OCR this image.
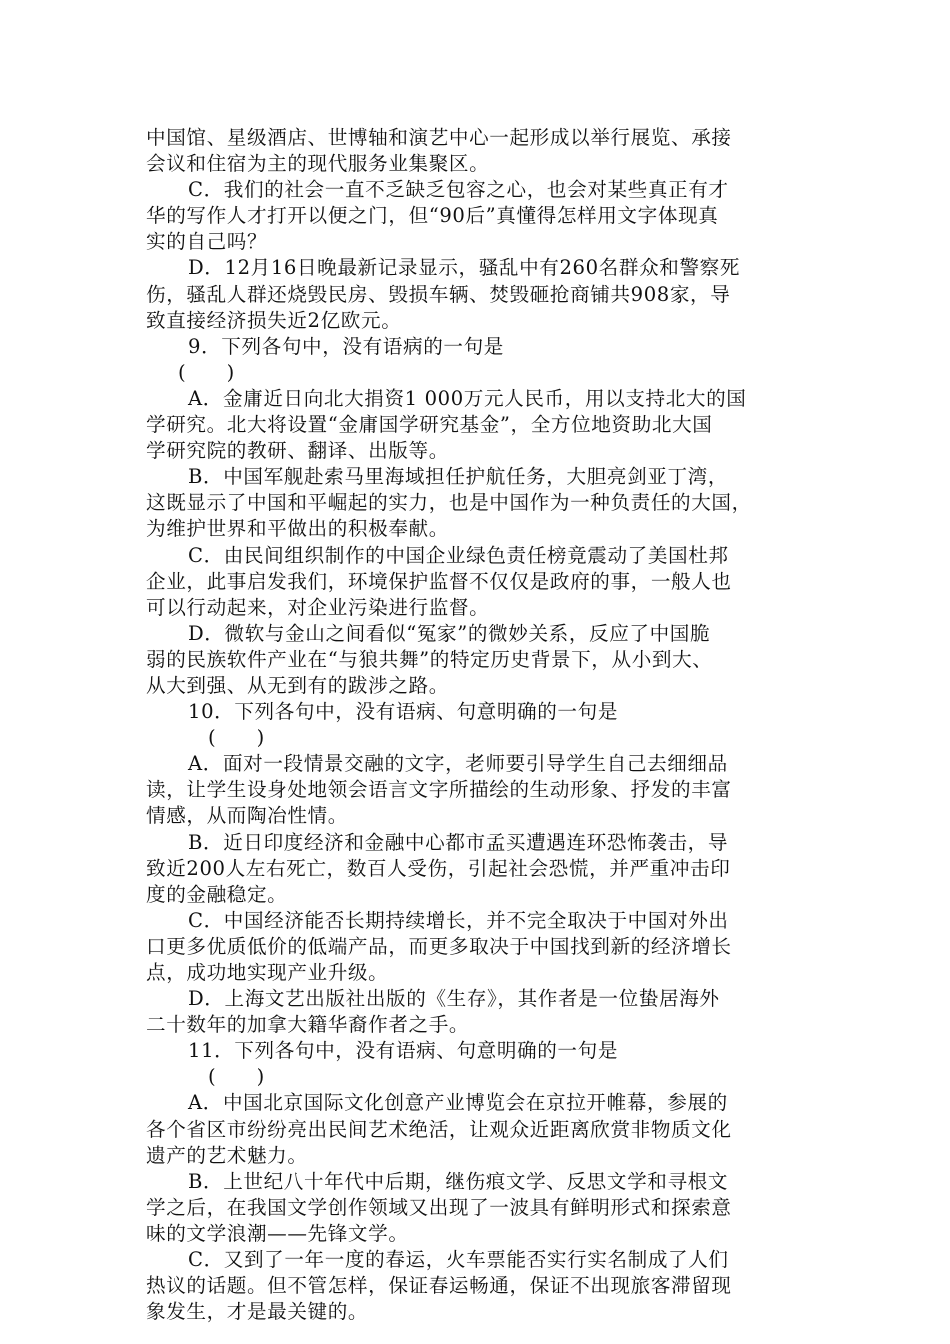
中国馆、星级酒店、世博轴和演艺中心一起形成以举行展览、承接
会议和住宿为主的现代服务业集聚区。
C．我们的社会一直不乏缺乏包容之心，也会对某些真正有才
华的写作人才打开以便之门，但“90后”真懂得怎样用文字体现真
实的自己吗？
D．12月16日晚最新记录显示，骚乱中有260名群众和警察死
伤，骚乱人群还烧毁民房、毁损车辆、焚毁砸抢商铺共908家，导
致直接经济损失近2亿欧元。
9．下列各句中，没有语病的一句是
(　　)
A．金庸近日向北大捐资1 000万元人民币，用以支持北大的国
学研究。北大将设置“金庸国学研究基金”，全方位地资助北大国
学研究院的教研、翻译、出版等。
B．中国军舰赴索马里海域担任护航任务，大胆亮剑亚丁湾，
这既显示了中国和平崛起的实力，也是中国作为一种负责任的大国，
为维护世界和平做出的积极奉献。
C．由民间组织制作的中国企业绿色责任榜竟震动了美国杜邦
企业，此事启发我们，环境保护监督不仅仅是政府的事，一般人也
可以行动起来，对企业污染进行监督。
D．微软与金山之间看似“冤家”的微妙关系，反应了中国脆
弱的民族软件产业在“与狼共舞”的特定历史背景下，从小到大、
从大到强、从无到有的跋涉之路。
10．下列各句中，没有语病、句意明确的一句是
(　　)
A．面对一段情景交融的文字，老师要引导学生自己去细细品
读，让学生设身处地领会语言文字所描绘的生动形象、抒发的丰富
情感，从而陶冶性情。
B．近日印度经济和金融中心都市孟买遭遇连环恐怖袭击，导
致近200人左右死亡，数百人受伤，引起社会恐慌，并严重冲击印
度的金融稳定。
C．中国经济能否长期持续增长，并不完全取决于中国对外出
口更多优质低价的低端产品，而更多取决于中国找到新的经济增长
点，成功地实现产业升级。
D．上海文艺出版社出版的《生存》，其作者是一位蛰居海外
二十数年的加拿大籍华裔作者之手。
11．下列各句中，没有语病、句意明确的一句是
(　　)
A．中国北京国际文化创意产业博览会在京拉开帷幕，参展的
各个省区市纷纷亮出民间艺术绝活，让观众近距离欣赏非物质文化
遗产的艺术魅力。
B．上世纪八十年代中后期，继伤痕文学、反思文学和寻根文
学之后，在我国文学创作领域又出现了一波具有鲜明形式和探索意
味的文学浪潮——先锋文学。
C．又到了一年一度的春运，火车票能否实行实名制成了人们
热议的话题。但不管怎样，保证春运畅通，保证不出现旅客滞留现
象发生，才是最关键的。
